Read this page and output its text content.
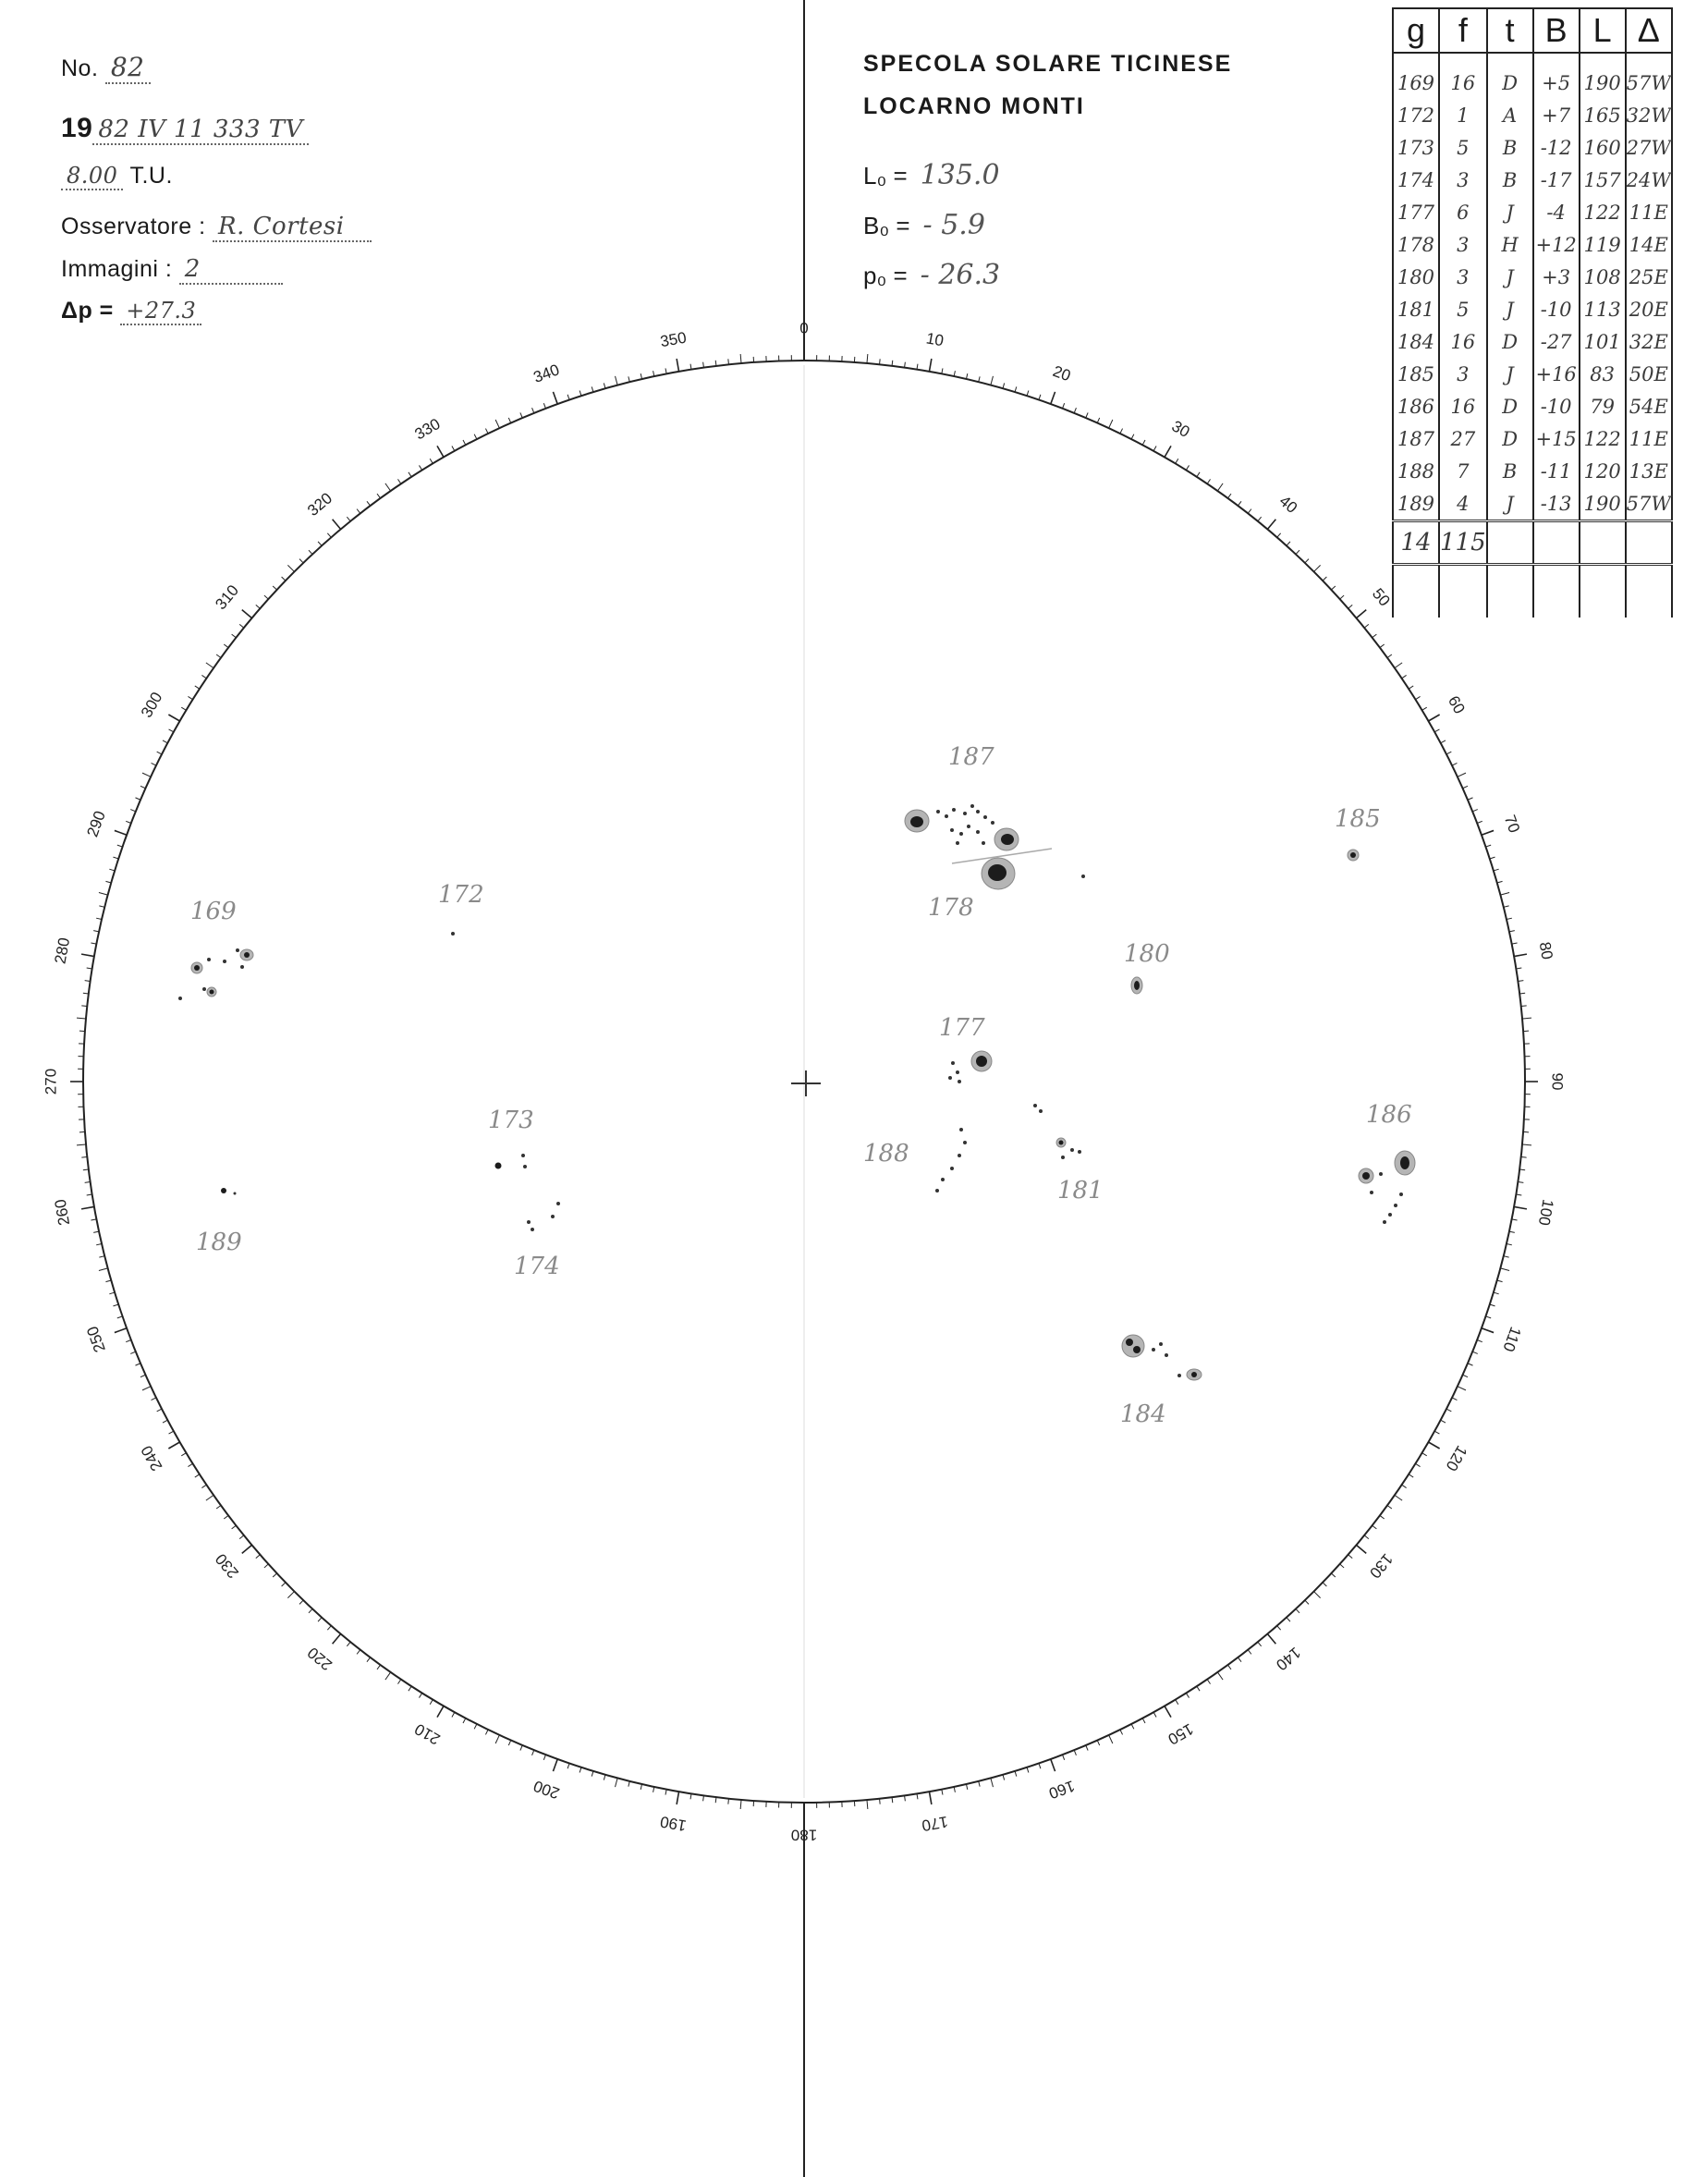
No. 82
19 82 IV 11 333 TV
8.00 T.U.
Osservatore : R. Cortesi
Immagini : 2
Δp = +27.3
SPECOLA SOLARE TICINESE
LOCARNO MONTI
L₀ = 135.0
B₀ = - 5.9
p₀ = - 26.3
g	f	t	B	L	Δ
169	16	D	+5	190	57W
172	1	A	+7	165	32W
173	5	B	-12	160	27W
174	3	B	-17	157	24W
177	6	J	-4	122	11E
178	3	H	+12	119	14E
180	3	J	+3	108	25E
181	5	J	-10	113	20E
184	16	D	-27	101	32E
185	3	J	+16	83	50E
186	16	D	-10	79	54E
187	27	D	+15	122	11E
188	7	B	-11	120	13E
189	4	J	-13	190	57W
14	115				

0
10
20
30
40
50
60
70
80
90
100
110
120
130
140
150
160
170
180
190
200
210
220
230
240
250
260
270
280
290
300
310
320
330
340
350
187
178
185
172
169
180
177
173
188
181
186
189
174
184
